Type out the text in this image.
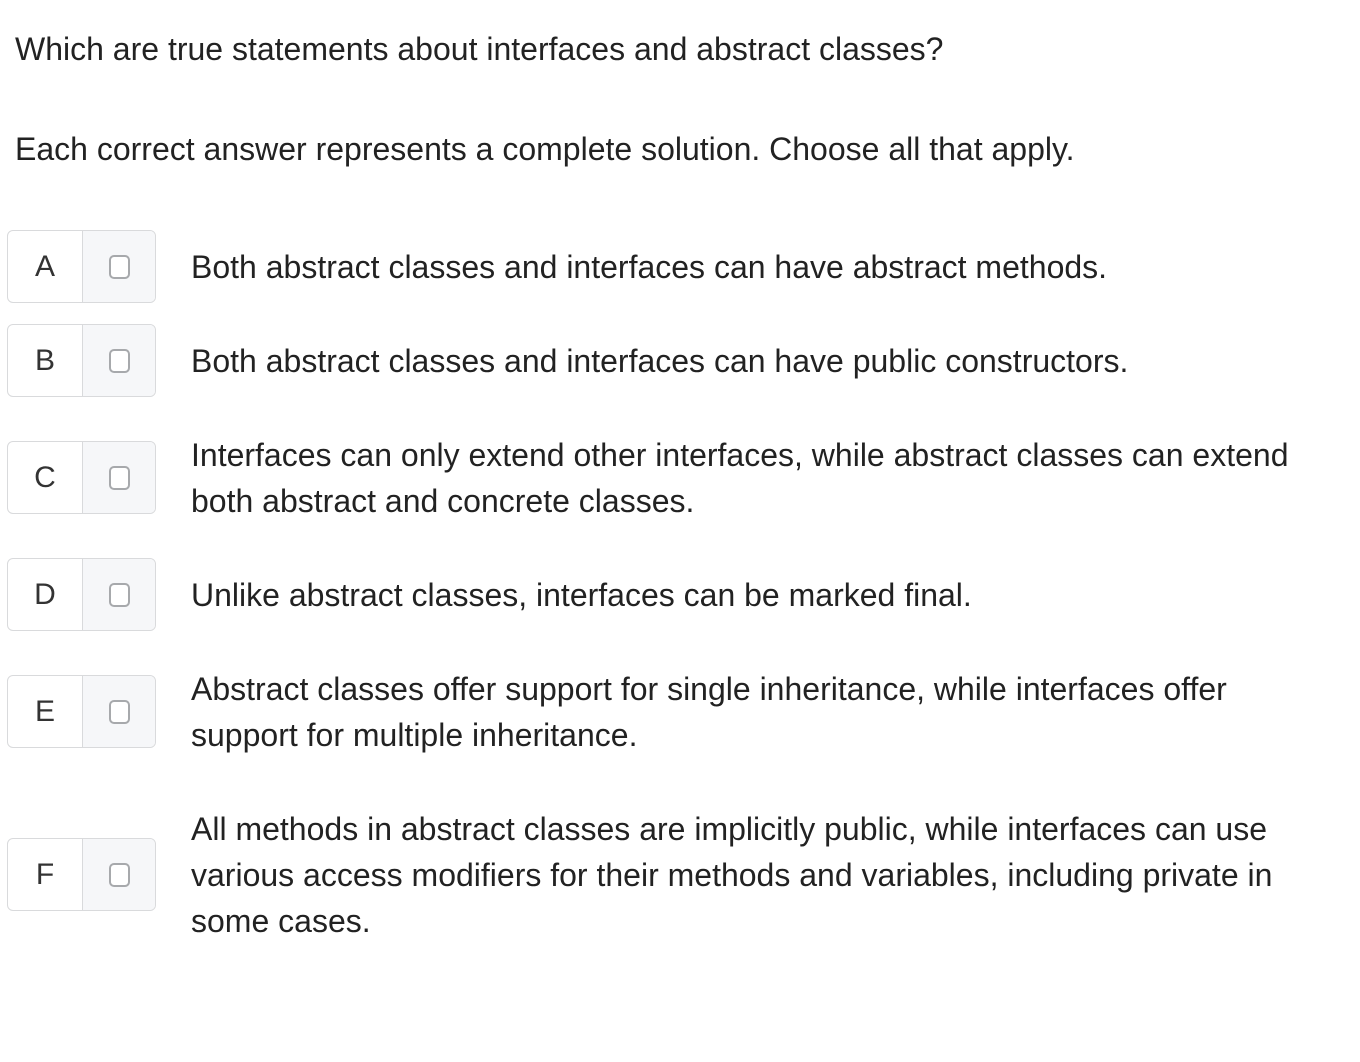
Which are true statements about interfaces and abstract classes?
Each correct answer represents a complete solution. Choose all that apply.
A	Both abstract classes and interfaces can have abstract methods.
B	Both abstract classes and interfaces can have public constructors.
C
Interfaces can only extend other interfaces, while abstract classes can extend both abstract and concrete classes.
D	Unlike abstract classes, interfaces can be marked final.
E
Abstract classes offer support for single inheritance, while interfaces offer support for multiple inheritance.
F
All methods in abstract classes are implicitly public, while interfaces can use various access modifiers for their methods and variables, including private in some cases.
